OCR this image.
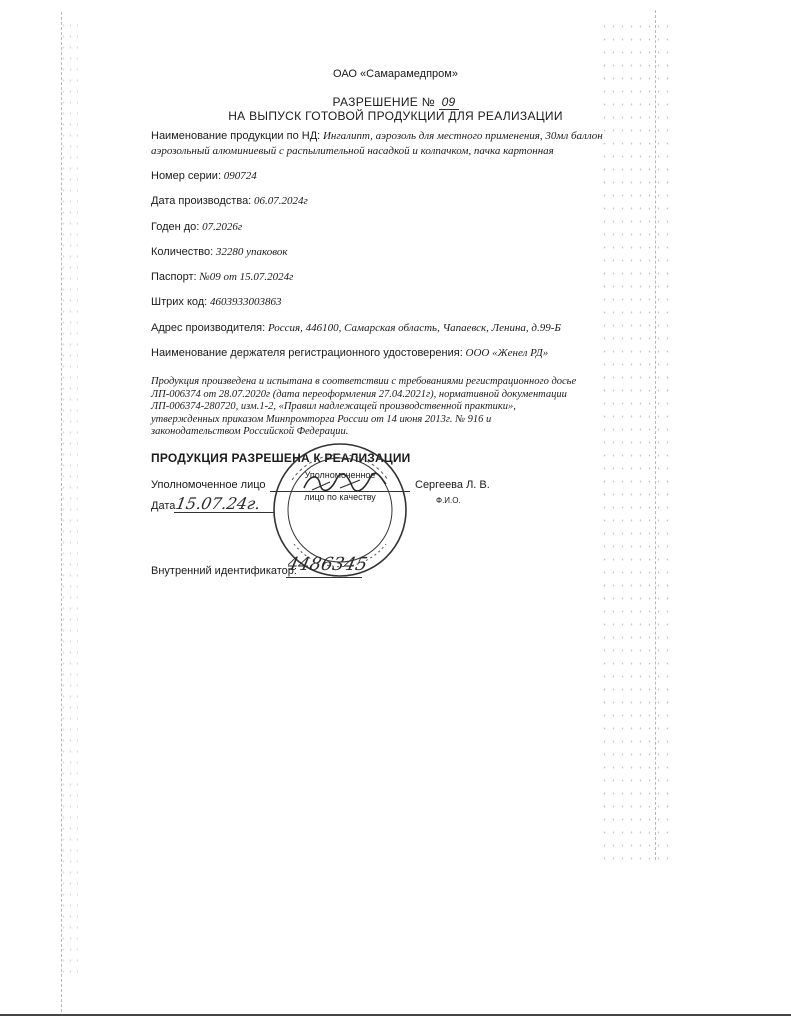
ОАО «Самарамедпром»
РАЗРЕШЕНИЕ № 09
НА ВЫПУСК ГОТОВОЙ ПРОДУКЦИИ ДЛЯ РЕАЛИЗАЦИИ
Наименование продукции по НД: Ингалипт, аэрозоль для местного применения, 30мл баллон
аэрозольный алюминиевый с распылительной насадкой и колпачком, пачка картонная
Номер серии: 090724
Дата производства: 06.07.2024г
Годен до: 07.2026г
Количество: 32280 упаковок
Паспорт: №09 от 15.07.2024г
Штрих код: 4603933003863
Адрес производителя: Россия, 446100, Самарская область, Чапаевск, Ленина, д.99-Б
Наименование держателя регистрационного удостоверения: ООО «Женел РД»
Продукция произведена и испытана в соответствии с требованиями регистрационного досье
ЛП-006374 от 28.07.2020г (дата переоформления 27.04.2021г), нормативной документации
ЛП-006374-280720, изм.1-2, «Правил надлежащей производственной практики»,
утвержденных приказом Минпромторга России от 14 июня 2013г. № 916 и
законодательством Российской Федерации.
ПРОДУКЦИЯ РАЗРЕШЕНА К РЕАЛИЗАЦИИ
Уполномоченное лицо	Сергеева Л. В.
Ф.И.О.
Дата
15.07.24г.
Уполномоченное
лицо по качеству
Внутренний идентификатор:
4486345
